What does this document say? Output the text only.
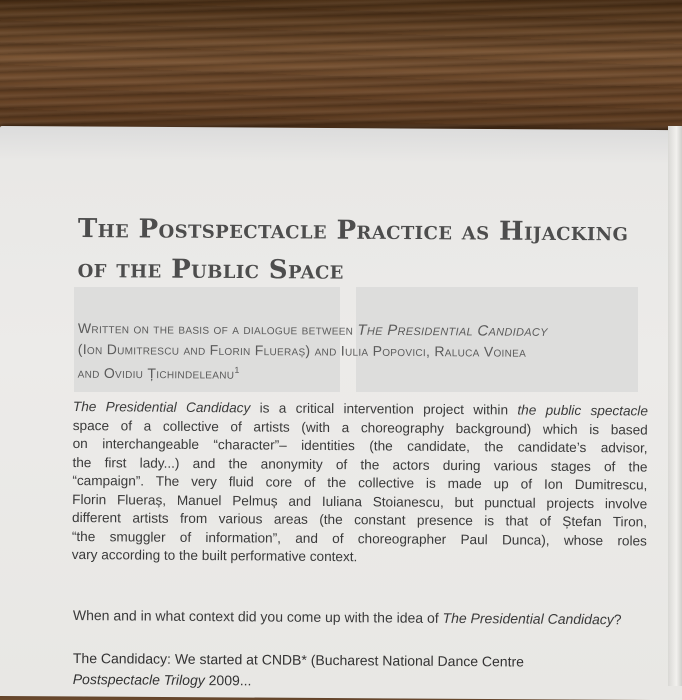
The Postspectacle Practice as Hijacking
of the Public Space
Written on the basis of a dialogue between The Presidential Candidacy
(Ion Dumitrescu and Florin Flueraș) and Iulia Popovici, Raluca Voinea
and Ovidiu Țichindeleanu$^1$
The Presidential Candidacy is a critical intervention project within the public spectacle
space of a collective of artists (with a choreography background) which is based
on interchangeable “character”– identities (the candidate, the candidate’s advisor,
the first lady...) and the anonymity of the actors during various stages of the
“campaign”. The very fluid core of the collective is made up of Ion Dumitrescu,
Florin Flueraș, Manuel Pelmuș and Iuliana Stoianescu, but punctual projects involve
different artists from various areas (the constant presence is that of Ștefan Tiron,
“the smuggler of information”, and of choreographer Paul Dunca), whose roles
vary according to the built performative context.

When and in what context did you come up with the idea of The Presidential Candidacy?

The Candidacy: We started at CNDB* (Bucharest National Dance Centre
Postspectacle Trilogy 2009...
